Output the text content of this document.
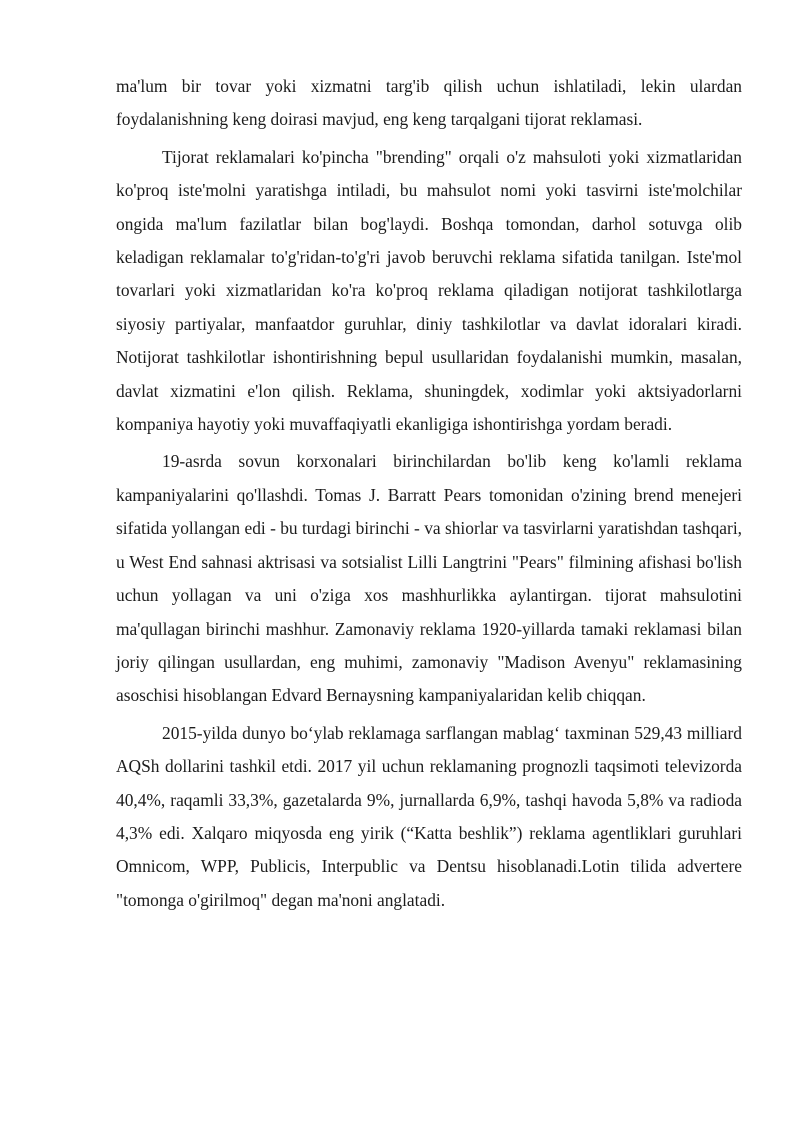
ma'lum bir tovar yoki xizmatni targ'ib qilish uchun ishlatiladi, lekin ulardan foydalanishning keng doirasi mavjud, eng keng tarqalgani tijorat reklamasi.

Tijorat reklamalari ko'pincha "brending" orqali o'z mahsuloti yoki xizmatlaridan ko'proq iste'molni yaratishga intiladi, bu mahsulot nomi yoki tasvirni iste'molchilar ongida ma'lum fazilatlar bilan bog'laydi. Boshqa tomondan, darhol sotuvga olib keladigan reklamalar to'g'ridan-to'g'ri javob beruvchi reklama sifatida tanilgan. Iste'mol tovarlari yoki xizmatlaridan ko'ra ko'proq reklama qiladigan notijorat tashkilotlarga siyosiy partiyalar, manfaatdor guruhlar, diniy tashkilotlar va davlat idoralari kiradi. Notijorat tashkilotlar ishontirishning bepul usullaridan foydalanishi mumkin, masalan, davlat xizmatini e'lon qilish. Reklama, shuningdek, xodimlar yoki aktsiyadorlarni kompaniya hayotiy yoki muvaffaqiyatli ekanligiga ishontirishga yordam beradi.

19-asrda sovun korxonalari birinchilardan bo'lib keng ko'lamli reklama kampaniyalarini qo'llashdi. Tomas J. Barratt Pears tomonidan o'zining brend menejeri sifatida yollangan edi - bu turdagi birinchi - va shiorlar va tasvirlarni yaratishdan tashqari, u West End sahnasi aktrisasi va sotsialist Lilli Langtrini "Pears" filmining afishasi bo'lish uchun yollagan va uni o'ziga xos mashhurlikka aylantirgan. tijorat mahsulotini ma'qullagan birinchi mashhur. Zamonaviy reklama 1920-yillarda tamaki reklamasi bilan joriy qilingan usullardan, eng muhimi, zamonaviy "Madison Avenyu" reklamasining asoschisi hisoblangan Edvard Bernaysning kampaniyalaridan kelib chiqqan.

2015-yilda dunyo bo‘ylab reklamaga sarflangan mablag‘ taxminan 529,43 milliard AQSh dollarini tashkil etdi. 2017 yil uchun reklamaning prognozli taqsimoti televizorda 40,4%, raqamli 33,3%, gazetalarda 9%, jurnallarda 6,9%, tashqi havoda 5,8% va radioda 4,3% edi. Xalqaro miqyosda eng yirik (“Katta beshlik”) reklama agentliklari guruhlari Omnicom, WPP, Publicis, Interpublic va Dentsu hisoblanadi.Lotin tilida advertere "tomonga o'girilmoq" degan ma'noni anglatadi.
